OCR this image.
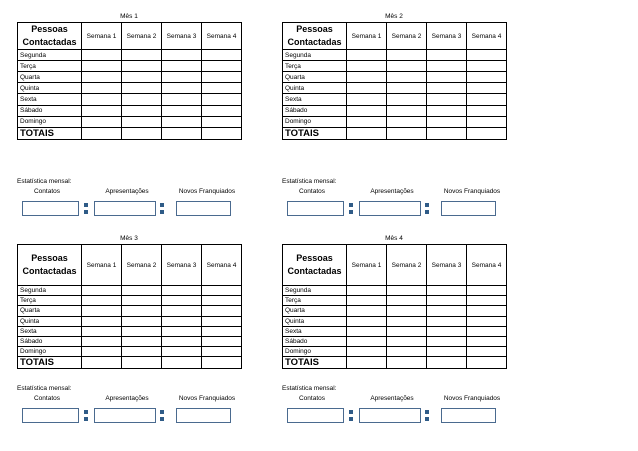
Mês 1
Pessoas
Contactadas	Semana 1	Semana 2	Semana 3	Semana 4
Segunda				
Terça				
Quarta				
Quinta				
Sexta				
Sábado				
Domingo				
TOTAIS				
Estatística mensal:
Contatos	Apresentações	Novos Franquiados
Mês 2
Pessoas
Contactadas	Semana 1	Semana 2	Semana 3	Semana 4
Segunda				
Terça				
Quarta				
Quinta				
Sexta				
Sábado				
Domingo				
TOTAIS				
Estatística mensal:
Contatos	Apresentações	Novos Franquiados
Mês 3
Pessoas
Contactadas	Semana 1	Semana 2	Semana 3	Semana 4
Segunda				
Terça				
Quarta				
Quinta				
Sexta				
Sábado				
Domingo				
TOTAIS				
Estatística mensal:
Contatos	Apresentações	Novos Franquiados
Mês 4
Pessoas
Contactadas	Semana 1	Semana 2	Semana 3	Semana 4
Segunda				
Terça				
Quarta				
Quinta				
Sexta				
Sábado				
Domingo				
TOTAIS				
Estatística mensal:
Contatos	Apresentações	Novos Franquiados
